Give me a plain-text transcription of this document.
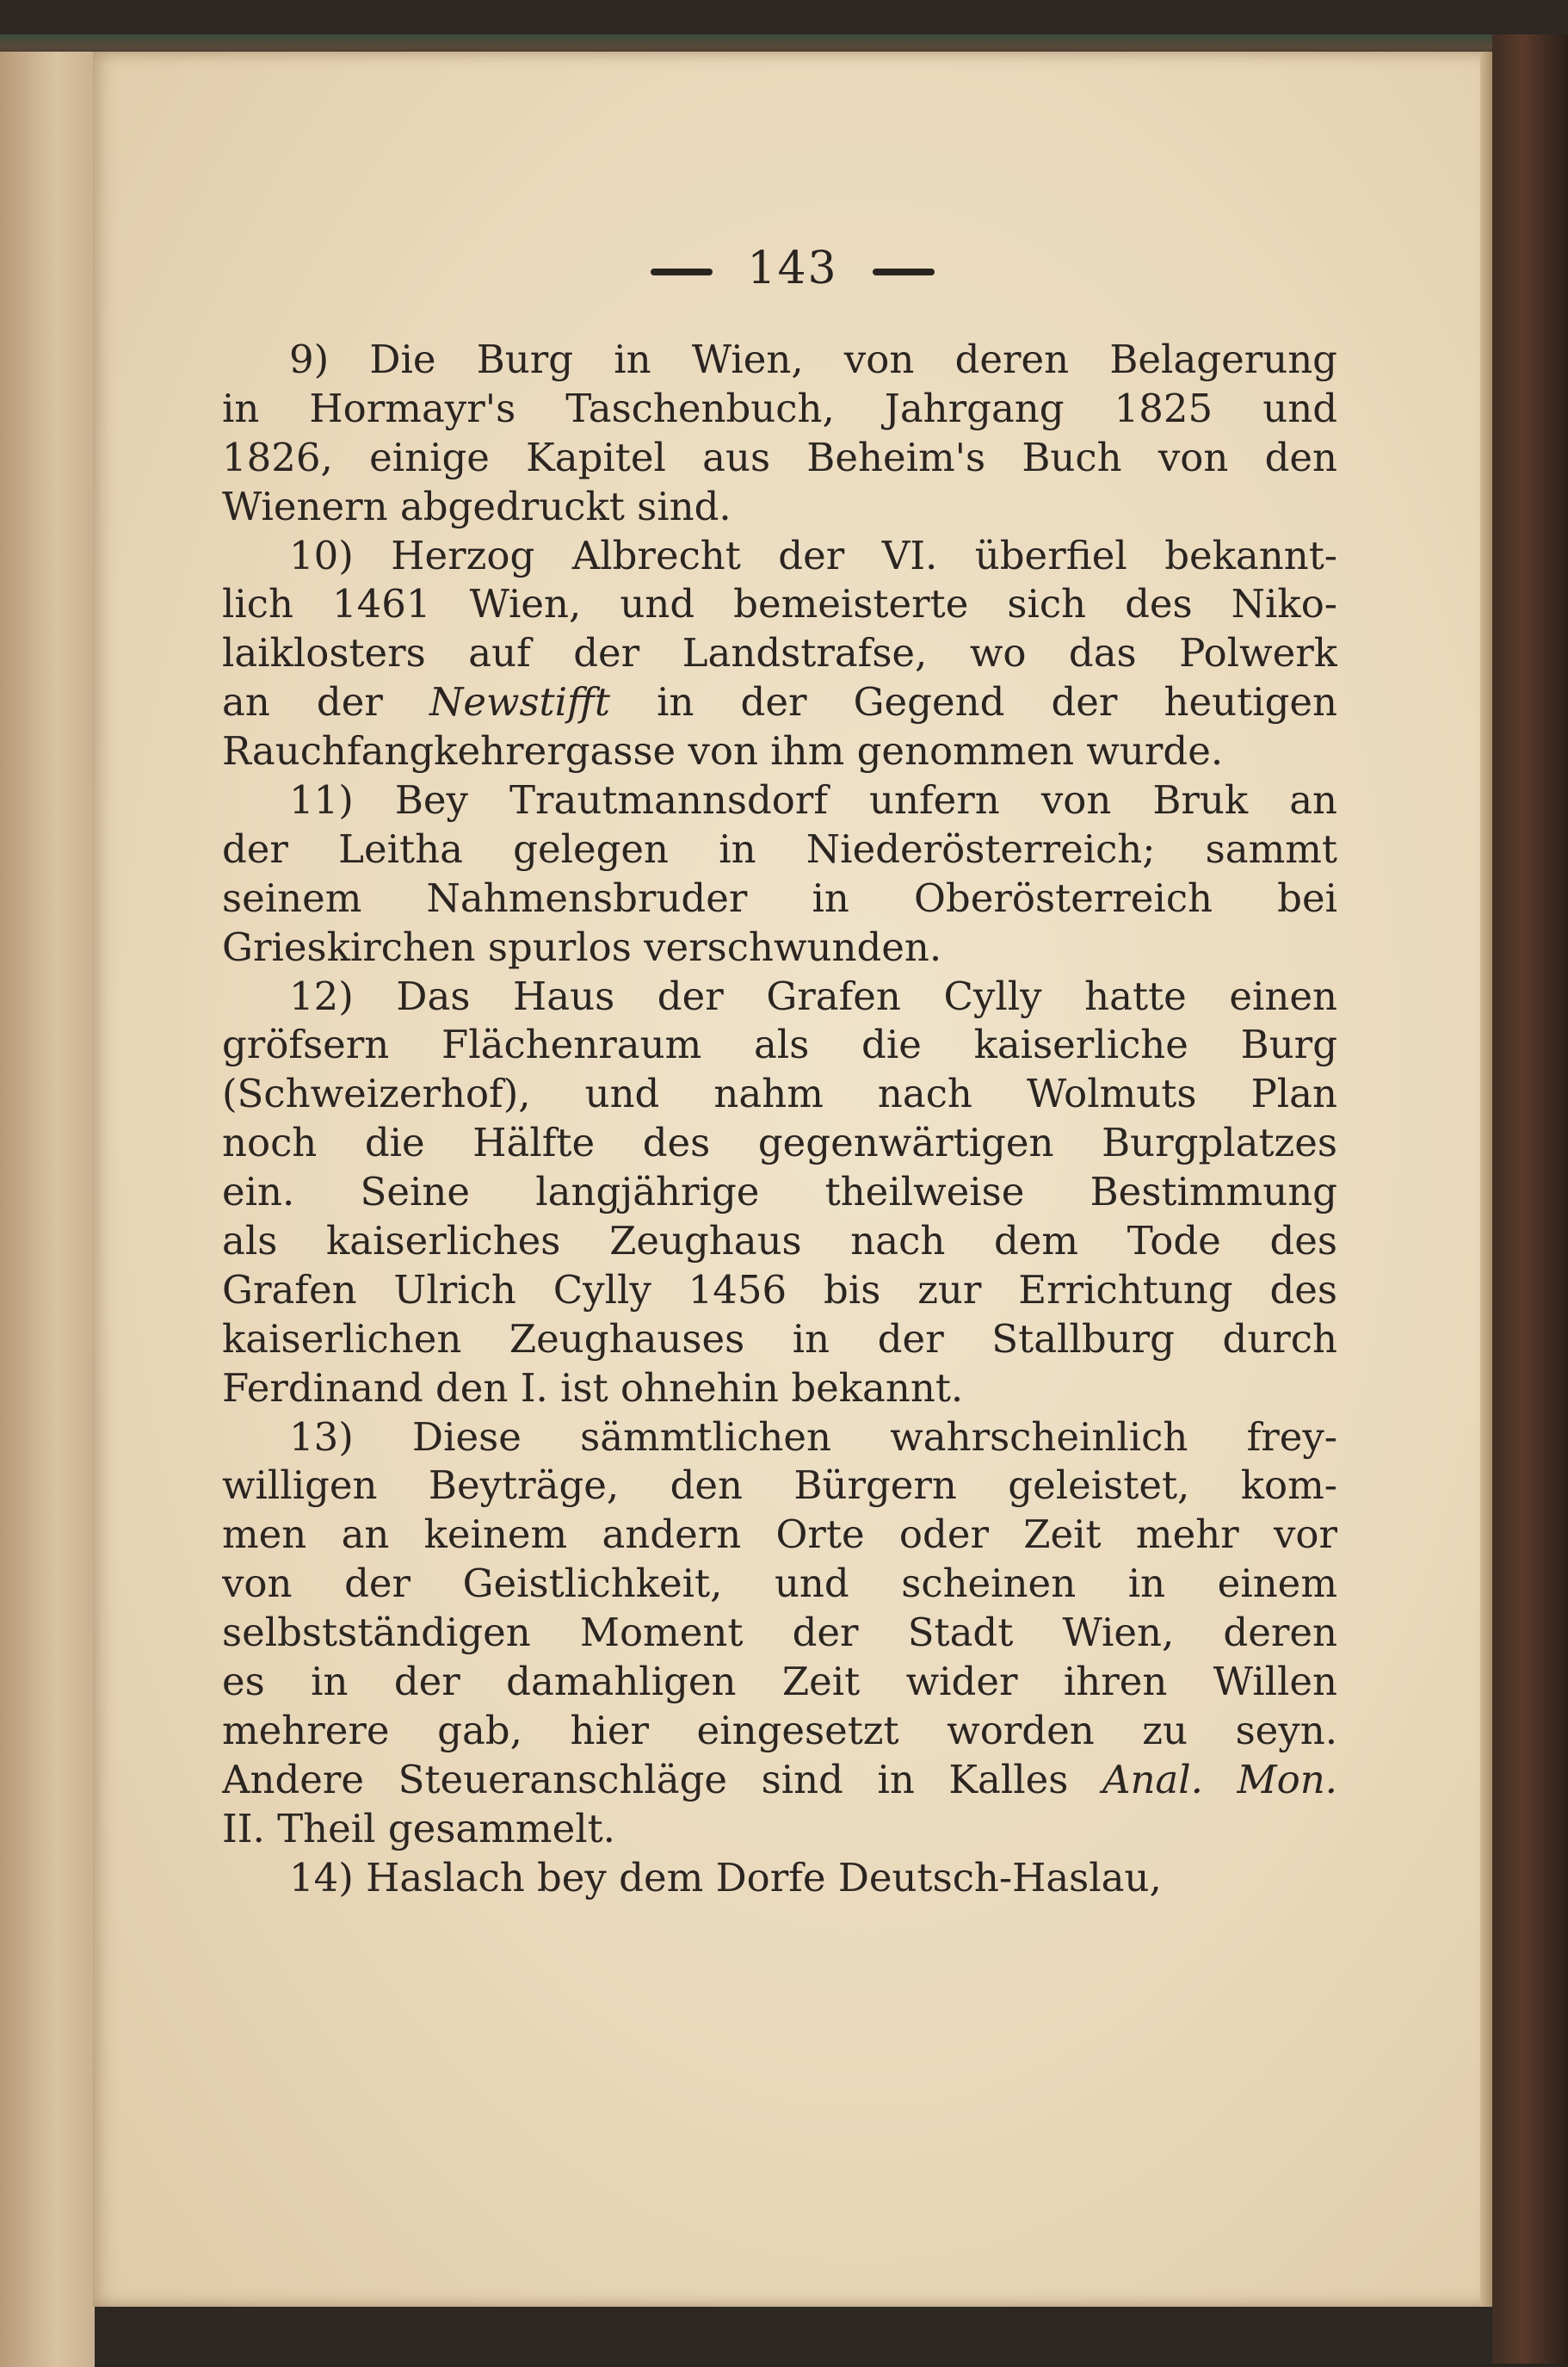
143
9) Die Burg in Wien, von deren Belagerung
in Hormayr's Taschenbuch, Jahrgang 1825 und
1826, einige Kapitel aus Beheim's Buch von den
Wienern abgedruckt sind.
10) Herzog Albrecht der VI. überfiel bekannt-
lich 1461 Wien, und bemeisterte sich des Niko-
laiklosters auf der Landstrafse, wo das Polwerk
an der Newstifft in der Gegend der heutigen
Rauchfangkehrergasse von ihm genommen wurde.
11) Bey Trautmannsdorf unfern von Bruk an
der Leitha gelegen in Niederösterreich; sammt
seinem Nahmensbruder in Oberösterreich bei
Grieskirchen spurlos verschwunden.
12) Das Haus der Grafen Cylly hatte einen
gröfsern Flächenraum als die kaiserliche Burg
(Schweizerhof), und nahm nach Wolmuts Plan
noch die Hälfte des gegenwärtigen Burgplatzes
ein. Seine langjährige theilweise Bestimmung
als kaiserliches Zeughaus nach dem Tode des
Grafen Ulrich Cylly 1456 bis zur Errichtung des
kaiserlichen Zeughauses in der Stallburg durch
Ferdinand den I. ist ohnehin bekannt.
13) Diese sämmtlichen wahrscheinlich frey-
willigen Beyträge, den Bürgern geleistet, kom-
men an keinem andern Orte oder Zeit mehr vor
von der Geistlichkeit, und scheinen in einem
selbstständigen Moment der Stadt Wien, deren
es in der damahligen Zeit wider ihren Willen
mehrere gab, hier eingesetzt worden zu seyn.
Andere Steueranschläge sind in Kalles Anal. Mon.
II. Theil gesammelt.
14) Haslach bey dem Dorfe Deutsch-Haslau,
